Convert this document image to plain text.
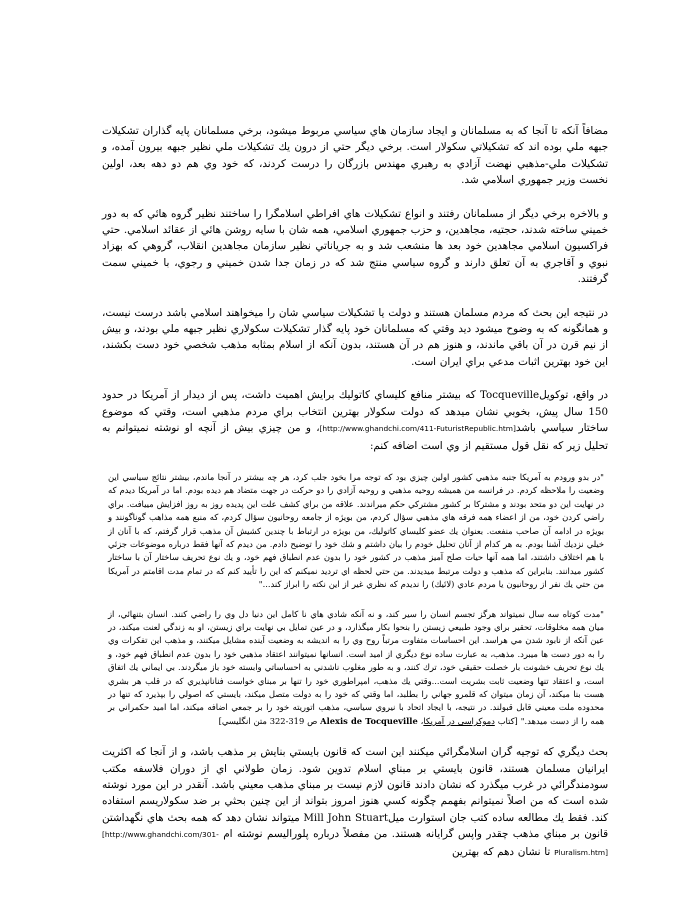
مضافاً آنكه تا آنجا كه به مسلمانان و ايجاد سازمان هاي سياسي مربوط ميشود، برخي مسلمانان پايه گذاران تشكيلات جبهه ملي بوده اند كه تشكيلاتي سكولار است. برخي ديگر حتي از درون يك تشكيلات ملي نظير جبهه بيرون آمده، و تشكيلات ملي-مذهبي نهضت آزادي به رهبري مهندس بازرگان را درست كردند، كه خود وي هم دو دهه بعد، اولين نخست وزير جمهوري اسلامي شد.

و بالاخره برخي ديگر از مسلمانان رفتند و انواع تشكيلات هاي افراطي اسلامگرا را ساختند نظير گروه هائي كه به دور خميني ساخته شدند، حجتيه، مجاهدين، و حزب جمهوري اسلامي، همه شان با سايه روشن هائي از عقائد اسلامي. حتي فراكسيون اسلامي مجاهدين خود بعد ها منشعب شد و به جرياناتي نظير سازمان مجاهدين انقلاب، گروهي كه بهزاد نبوي و آقاجري به آن تعلق دارند و گروه سياسي منتج شد كه در زمان جدا شدن خميني و رجوي، با خميني سمت گرفتند.

در نتيجه اين بحث كه مردم مسلمان هستند و دولت يا تشكيلات سياسي شان را ميخواهند اسلامي باشد درست نيست، و همانگونه كه به وضوح ميشود ديد وقتي كه مسلمانان خود پايه گذار تشكيلات سكولاري نظير جبهه ملي بودند، و بيش از نيم قرن در آن باقي ماندند، و هنوز هم در آن هستند، بدون آنكه از اسلام بمثابه مذهب شخصي خود دست بكشند، اين خود بهترين اثبات مدعي براي ايران است.

در واقع، توكويلTocqueville كه بيشتر منافع كليساي كاتوليك برايش اهميت داشت، پس از ديدار از آمريكا در حدود 150 سال پيش، بخوبي نشان ميدهد كه دولت سكولار بهترين انتخاب براي مردم مذهبي است، وقتي كه موضوع ساختار سياسي باشد[http://www.ghandchi.com/411-FuturistRepublic.htm]، و من چيزي بيش از آنچه او نوشته نميتوانم به تحليل زير كه نقل قول مستقيم از وي است اضافه كنم:

"در بدو ورودم به آمريكا جنبه مذهبي كشور اولين چيزي بود كه توجه مرا بخود جلب كرد، هر چه بيشتر در آنجا ماندم، بيشتر نتائج سياسي اين وضعيت را ملاحظه كردم. در فرانسه من هميشه روحيه مذهبي و روحيه آزادي را دو حركت در جهت متضاد هم ديده بودم. اما در آمريكا ديدم كه در نهايت اين دو متحد بودند و مشتركا بر كشور مشتركي حكم ميراندند. علاقه من براي كشف علت اين پديده روز به روز افزايش مييافت. براي راضي كردن خود، من از اعضاء همه فرقه هاي مذهبي سؤال كردم، من بويژه از جامعه روحانيون سؤال كردم، كه منبع همه مذاهب گوناگونند و بويژه در ادامه آن صاحب منفعت. بعنوان يك عضو كليساي كاتوليك، من بويژه در ارتباط با چندين كشيش آن مذهب قرار گرفتم، كه با آنان از خيلي نزديك آشنا بودم. به هر كدام از آنان تحليل خودم را بيان داشتم و شك خود را توضيح دادم. من ديدم كه آنها فقط درباره موضوعات جزئي با هم اختلاف داشتند، اما همه آنها حيات صلح آميز مذهب در كشور خود را بدون عدم انطباق فهم خود، و يك نوع تحريف ساختار آن با ساختار كشور ميدانند. بنابراين كه مذهب و دولت مرتبط ميديدند. من حتي لحظه اي ترديد نميكنم كه اين را تأييد كنم كه در تمام مدت اقامتم در آمريكا من حتي يك نفر از روحانيون يا مردم عادي (لائيك) را نديدم كه نظري غير از اين نكته را ابراز كند..."

"مدت كوتاه سه سال نميتواند هرگز تجسم انسان را سير كند، و نه آنكه شادي هاي نا كامل اين دنيا دل وي را راضي كنند. انسان بتنهائي، از ميان همه مخلوقات، تحقير براي وجود طبيعي زيستن را بنحوا بكار ميگذارد، و در عين تمايل بي نهايت براي زيستن، او به زندگي لعنت ميكند، در عين آنكه از نابود شدن مي هراسد. اين احساسات متفاوت مرتباً روح وي را به انديشه به وضعيت آينده مشايل ميكنند، و مذهب اين تفكرات وي را به دور دست ها ميبرد. مذهب، به عبارت ساده نوع ديگري از اميد است. انسانها نميتوانند اعتقاد مذهبي خود را بدون عدم انطباق فهم خود، و يك نوع تحريف خشونت بار خصلت حقيقي خود، ترك كنند، و به طور مغلوب ناشدني به احساساتي وابسته خود باز ميگردند. بي ايماني يك اتفاق است، و اعتقاد تنها وضعيت ثابت بشريت است...وقتي يك مذهب، امپراطوري خود را تنها بر مبناي خواست فنانانپذيري كه در قلب هر بشري هست بنا ميكند، آن زمان ميتوان كه قلمرو جهاني را بطلبد، اما وقتي كه خود را به دولت متصل ميكند، بايستي كه اصولي را بپذيرد كه تنها در محدوده ملت معيني قابل قبولند. در نتيجه، با ايجاد اتحاد با نيروي سياسي، مذهب اتوريته خود را بر جمعي اضافه ميكند، اما اميد حكمراني بر همه را از دست ميدهد." [كتاب دموكراسي در آمريكا، Alexis de Tocqueville ص 319-322 متن انگليسي]

بحث ديگري كه توجيه گران اسلامگرائي ميكنند اين است كه قانون بايستي بنايش بر مذهب باشد، و از آنجا كه اكثريت ايرانيان مسلمان هستند، قانون بايستي بر مبناي اسلام تدوين شود. زمان طولاني اي از دوران فلاسفه مكتب سودمندگرائي در غرب ميگذرد كه نشان دادند قانون لازم نيست بر مبناي مذهب معيني باشد. آنقدر در اين مورد نوشته شده است كه من اصلاً نميتوانم بفهمم چگونه كسي هنوز امروز بتواند از اين چنين بحثي بر ضد سكولاريسم استفاده كند. فقط يك مطالعه ساده كتب جان استوارت ميلMill John Stuart ميتواند نشان دهد كه همه بحث هاي نگهداشتن قانون بر مبناي مذهب چقدر واپس گرايانه هستند. من مفصلاً درباره پلوراليسم نوشته ام [http://www.ghandchi.com/301-Pluralism.htm] تا نشان دهم كه بهترين
